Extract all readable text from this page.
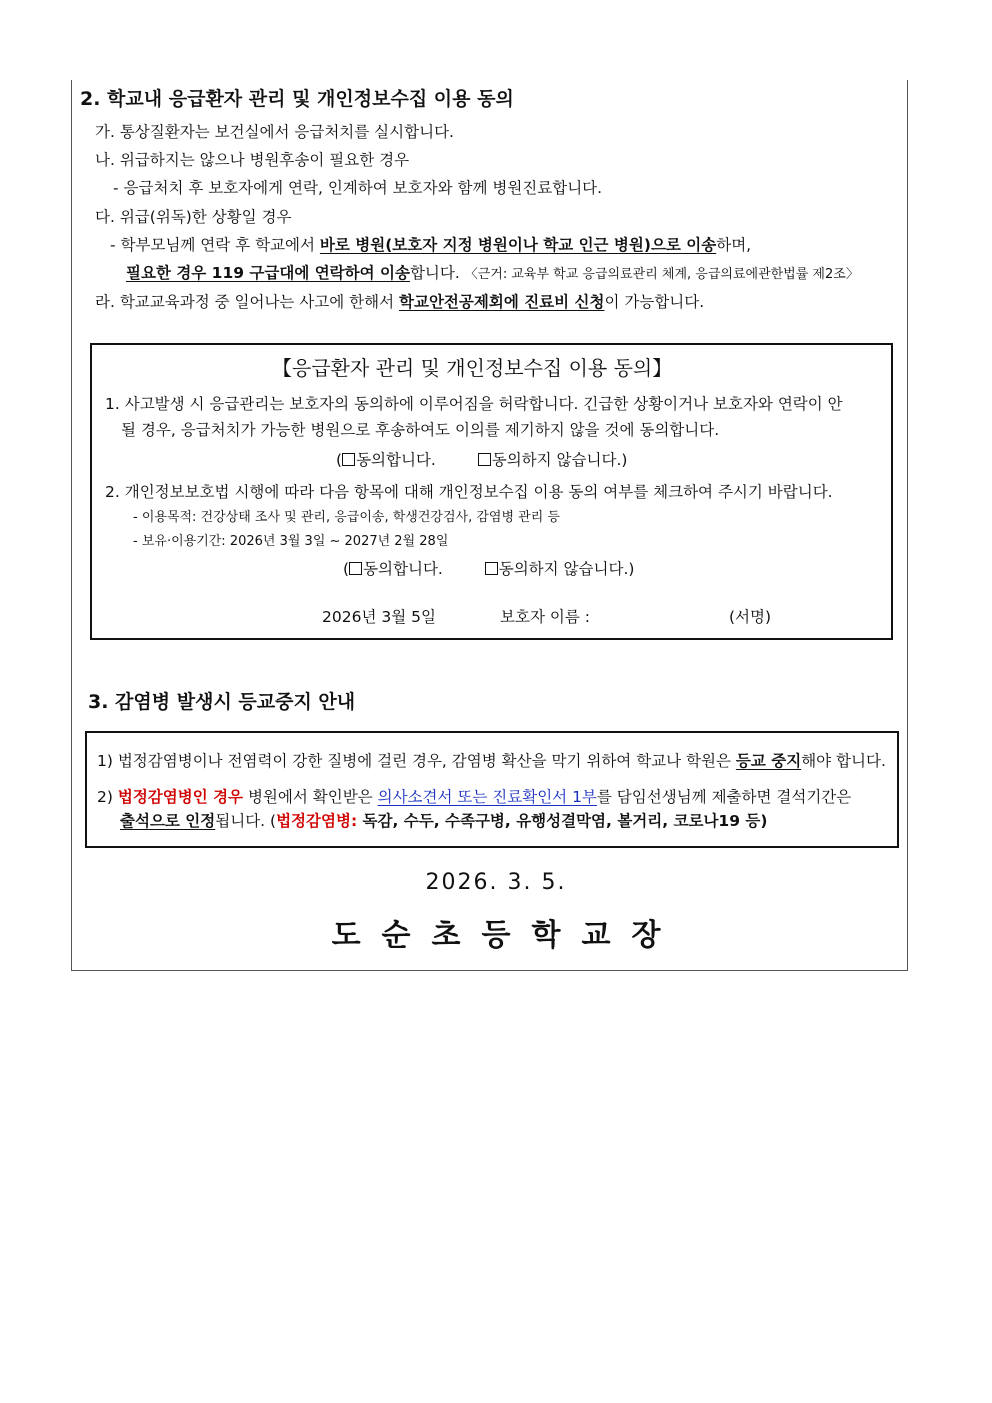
2. 학교내 응급환자 관리 및 개인정보수집 이용 동의
가. 통상질환자는 보건실에서 응급처치를 실시합니다.
나. 위급하지는 않으나 병원후송이 필요한 경우
- 응급처치 후 보호자에게 연락, 인계하여 보호자와 함께 병원진료합니다.
다. 위급(위독)한 상황일 경우
- 학부모님께 연락 후 학교에서 바로 병원(보호자 지정 병원이나 학교 인근 병원)으로 이송하며,
필요한 경우 119 구급대에 연락하여 이송합니다. 〈근거: 교육부 학교 응급의료관리 체계, 응급의료에관한법률 제2조〉
라. 학교교육과정 중 일어나는 사고에 한해서 학교안전공제회에 진료비 신청이 가능합니다.
【응급환자 관리 및 개인정보수집 이용 동의】
1. 사고발생 시 응급관리는 보호자의 동의하에 이루어짐을 허락합니다. 긴급한 상황이거나 보호자와 연락이 안
될 경우, 응급처치가 가능한 병원으로 후송하여도 이의를 제기하지 않을 것에 동의합니다.
( 동의합니다.	동의하지 않습니다.)
2. 개인정보보호법 시행에 따라 다음 항목에 대해 개인정보수집 이용 동의 여부를 체크하여 주시기 바랍니다.
- 이용목적: 건강상태 조사 및 관리, 응급이송, 학생건강검사, 감염병 관리 등
- 보유·이용기간: 2026년 3월 3일 ~ 2027년 2월 28일
( 동의합니다.	동의하지 않습니다.)
2026년 3월 5일	보호자 이름 :	(서명)
3. 감염병 발생시 등교중지 안내
1) 법정감염병이나 전염력이 강한 질병에 걸린 경우, 감염병 확산을 막기 위하여 학교나 학원은 등교 중지해야 합니다.
2) 법정감염병인 경우 병원에서 확인받은 의사소견서 또는 진료확인서 1부를 담임선생님께 제출하면 결석기간은
출석으로 인정됩니다. (법정감염병: 독감, 수두, 수족구병, 유행성결막염, 볼거리, 코로나19 등)
2026. 3. 5.
도순초등학교장
